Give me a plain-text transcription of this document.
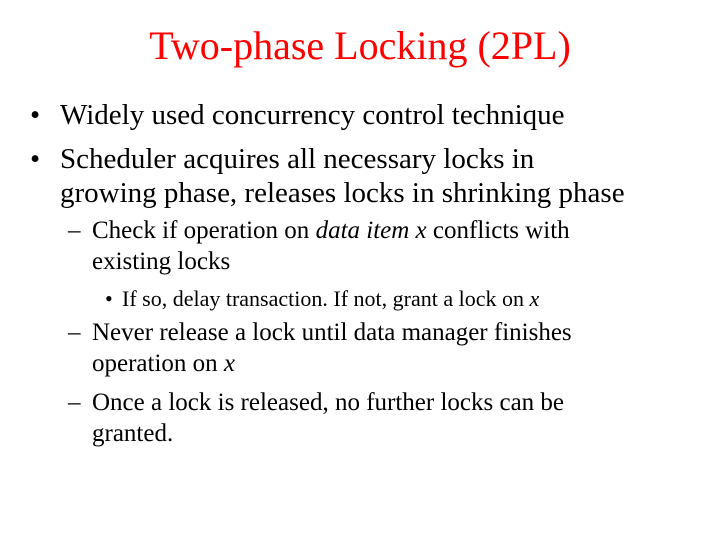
Two-phase Locking (2PL)
• Widely used concurrency control technique
• Scheduler acquires all necessary locks in
growing phase, releases locks in shrinking phase
– Check if operation on data item x conflicts with
existing locks
• If so, delay transaction. If not, grant a lock on x
– Never release a lock until data manager finishes
operation on x
– Once a lock is released, no further locks can be
granted.
